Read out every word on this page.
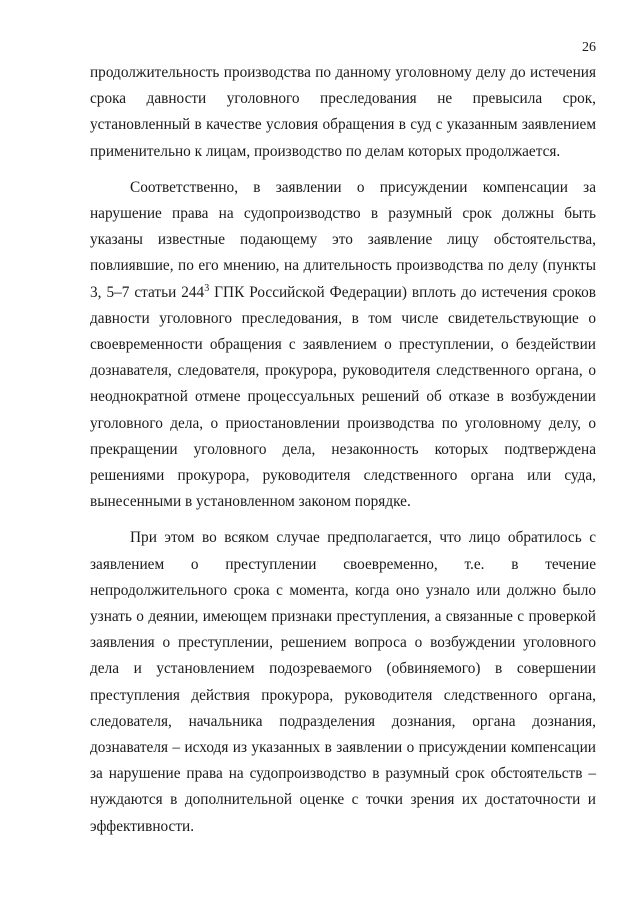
26

продолжительность производства по данному уголовному делу до истечения срока давности уголовного преследования не превысила срок, установленный в качестве условия обращения в суд с указанным заявлением применительно к лицам, производство по делам которых продолжается.

Соответственно, в заявлении о присуждении компенсации за нарушение права на судопроизводство в разумный срок должны быть указаны известные подающему это заявление лицу обстоятельства, повлиявшие, по его мнению, на длительность производства по делу (пункты 3, 5–7 статьи $244^3$ ГПК Российской Федерации) вплоть до истечения сроков давности уголовного преследования, в том числе свидетельствующие о своевременности обращения с заявлением о преступлении, о бездействии дознавателя, следователя, прокурора, руководителя следственного органа, о неоднократной отмене процессуальных решений об отказе в возбуждении уголовного дела, о приостановлении производства по уголовному делу, о прекращении уголовного дела, незаконность которых подтверждена решениями прокурора, руководителя следственного органа или суда, вынесенными в установленном законом порядке.

При этом во всяком случае предполагается, что лицо обратилось с заявлением о преступлении своевременно, т.е. в течение непродолжительного срока с момента, когда оно узнало или должно было узнать о деянии, имеющем признаки преступления, а связанные с проверкой заявления о преступлении, решением вопроса о возбуждении уголовного дела и установлением подозреваемого (обвиняемого) в совершении преступления действия прокурора, руководителя следственного органа, следователя, начальника подразделения дознания, органа дознания, дознавателя – исходя из указанных в заявлении о присуждении компенсации за нарушение права на судопроизводство в разумный срок обстоятельств – нуждаются в дополнительной оценке с точки зрения их достаточности и эффективности.
